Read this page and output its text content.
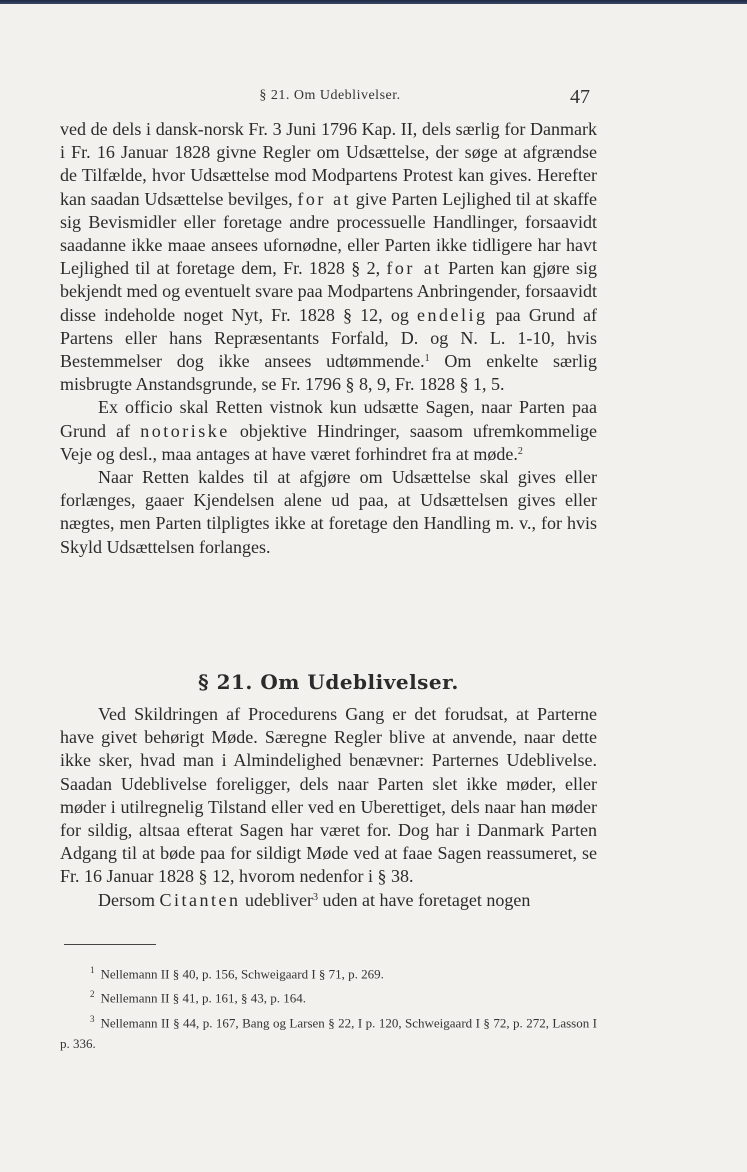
§ 21. Om Udeblivelser.	47

ved de dels i dansk-norsk Fr. 3 Juni 1796 Kap. II, dels særlig for Danmark i Fr. 16 Januar 1828 givne Regler om Udsættelse, der søge at afgrændse de Tilfælde, hvor Udsættelse mod Modpartens Protest kan gives. Herefter kan saadan Udsættelse bevilges, for at give Parten Lejlighed til at skaffe sig Bevismidler eller foretage andre processuelle Handlinger, forsaavidt saadanne ikke maae ansees ufornødne, eller Parten ikke tidligere har havt Lejlighed til at foretage dem, Fr. 1828 § 2, for at Parten kan gjøre sig bekjendt med og eventuelt svare paa Modpartens Anbringender, forsaavidt disse indeholde noget Nyt, Fr. 1828 § 12, og endelig paa Grund af Partens eller hans Repræsentants Forfald, D. og N. L. 1-10, hvis Bestemmelser dog ikke ansees udtømmende.$^1$ Om enkelte særlig misbrugte Anstandsgrunde, se Fr. 1796 § 8, 9, Fr. 1828 § 1, 5.

Ex officio skal Retten vistnok kun udsætte Sagen, naar Parten paa Grund af notoriske objektive Hindringer, saasom ufremkommelige Veje og desl., maa antages at have været forhindret fra at møde.$^2$

Naar Retten kaldes til at afgjøre om Udsættelse skal gives eller forlænges, gaaer Kjendelsen alene ud paa, at Udsættelsen gives eller nægtes, men Parten tilpligtes ikke at foretage den Handling m. v., for hvis Skyld Udsættelsen forlanges.

§ 21. Om Udeblivelser.

Ved Skildringen af Procedurens Gang er det forudsat, at Parterne have givet behørigt Møde. Særegne Regler blive at anvende, naar dette ikke sker, hvad man i Almindelighed benævner: Parternes Udeblivelse. Saadan Udeblivelse foreligger, dels naar Parten slet ikke møder, eller møder i utilregnelig Tilstand eller ved en Uberettiget, dels naar han møder for sildig, altsaa efterat Sagen har været for. Dog har i Danmark Parten Adgang til at bøde paa for sildigt Møde ved at faae Sagen reassumeret, se Fr. 16 Januar 1828 § 12, hvorom nedenfor i § 38.

Dersom Citanten udebliver$^3$ uden at have foretaget nogen

$^1$ Nellemann II § 40, p. 156, Schweigaard I § 71, p. 269.

$^2$ Nellemann II § 41, p. 161, § 43, p. 164.

$^3$ Nellemann II § 44, p. 167, Bang og Larsen § 22, I p. 120, Schweigaard I § 72, p. 272, Lasson I p. 336.
